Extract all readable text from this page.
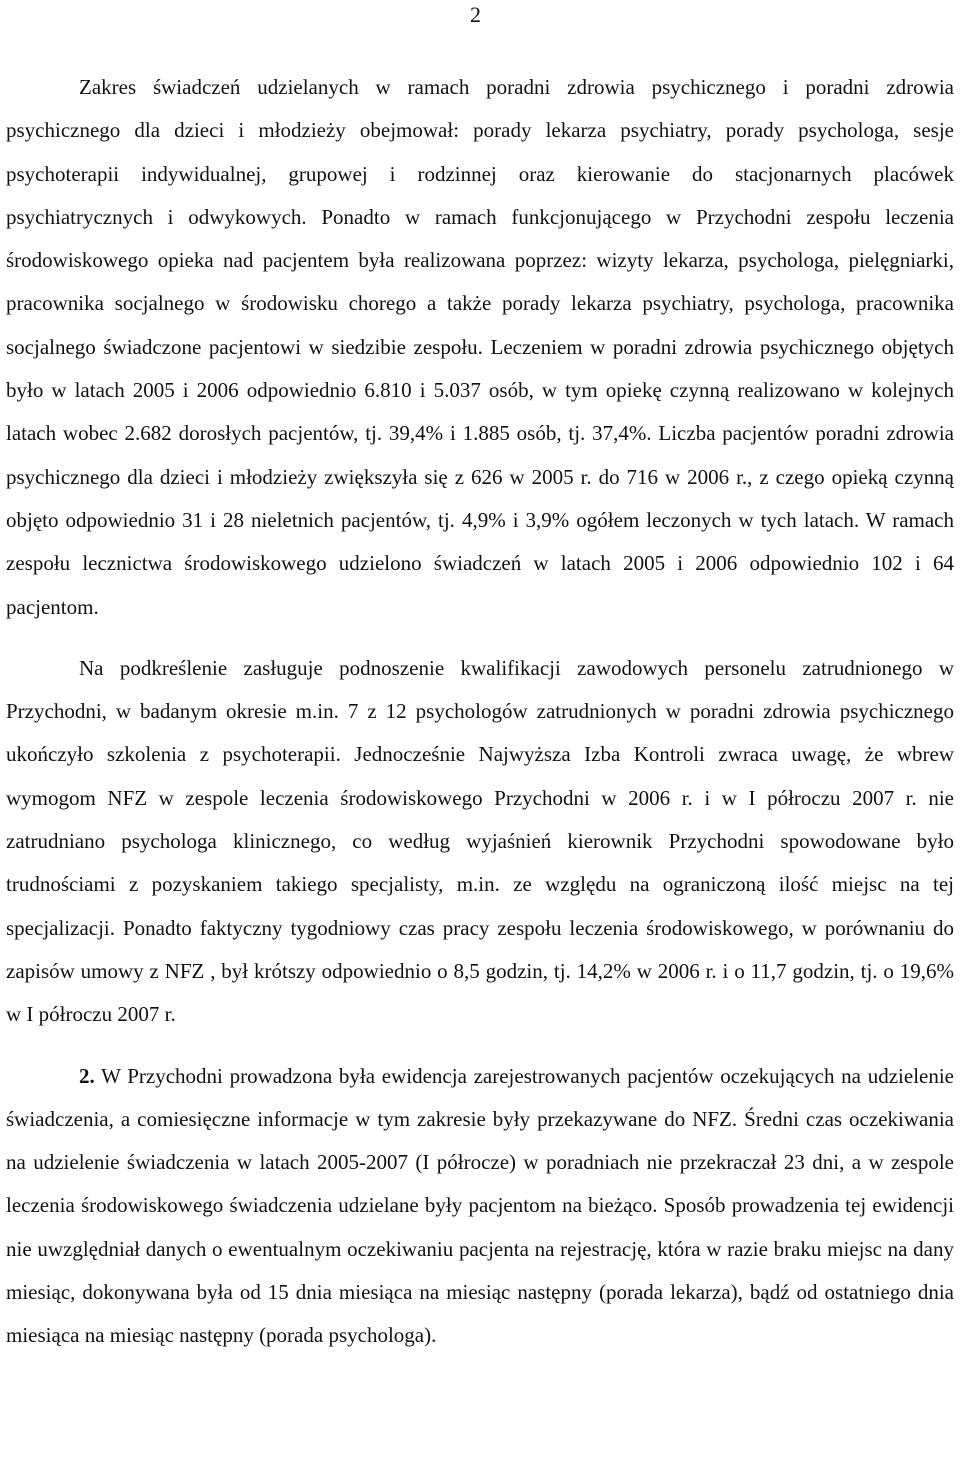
2

Zakres świadczeń udzielanych w ramach poradni zdrowia psychicznego i poradni zdrowia psychicznego dla dzieci i młodzieży obejmował: porady lekarza psychiatry, porady psychologa, sesje psychoterapii indywidualnej, grupowej i rodzinnej oraz kierowanie do stacjonarnych placówek psychiatrycznych i odwykowych. Ponadto w ramach funkcjonującego w Przychodni zespołu leczenia środowiskowego opieka nad pacjentem była realizowana poprzez: wizyty lekarza, psychologa, pielęgniarki, pracownika socjalnego w środowisku chorego a także porady lekarza psychiatry, psychologa, pracownika socjalnego świadczone pacjentowi w siedzibie zespołu. Leczeniem w poradni zdrowia psychicznego objętych było w latach 2005 i 2006 odpowiednio 6.810 i 5.037 osób, w tym opiekę czynną realizowano w kolejnych latach wobec 2.682 dorosłych pacjentów, tj. 39,4% i 1.885 osób, tj. 37,4%. Liczba pacjentów poradni zdrowia psychicznego dla dzieci i młodzieży zwiększyła się z 626 w 2005 r. do 716 w 2006 r., z czego opieką czynną objęto odpowiednio 31 i 28 nieletnich pacjentów, tj. 4,9% i 3,9% ogółem leczonych w tych latach. W ramach zespołu lecznictwa środowiskowego udzielono świadczeń w latach 2005 i 2006 odpowiednio 102 i 64 pacjentom.

Na podkreślenie zasługuje podnoszenie kwalifikacji zawodowych personelu zatrudnionego w Przychodni, w badanym okresie m.in. 7 z 12 psychologów zatrudnionych w poradni zdrowia psychicznego ukończyło szkolenia z psychoterapii. Jednocześnie Najwyższa Izba Kontroli zwraca uwagę, że wbrew wymogom NFZ w zespole leczenia środowiskowego Przychodni w 2006 r. i w I półroczu 2007 r. nie zatrudniano psychologa klinicznego, co według wyjaśnień kierownik Przychodni spowodowane było trudnościami z pozyskaniem takiego specjalisty, m.in. ze względu na ograniczoną ilość miejsc na tej specjalizacji. Ponadto faktyczny tygodniowy czas pracy zespołu leczenia środowiskowego, w porównaniu do zapisów umowy z NFZ , był krótszy odpowiednio o 8,5 godzin, tj. 14,2% w 2006 r. i o 11,7 godzin, tj. o 19,6% w I półroczu 2007 r.

2. W Przychodni prowadzona była ewidencja zarejestrowanych pacjentów oczekujących na udzielenie świadczenia, a comiesięczne informacje w tym zakresie były przekazywane do NFZ. Średni czas oczekiwania na udzielenie świadczenia w latach 2005-2007 (I półrocze) w poradniach nie przekraczał 23 dni, a w zespole leczenia środowiskowego świadczenia udzielane były pacjentom na bieżąco. Sposób prowadzenia tej ewidencji nie uwzględniał danych o ewentualnym oczekiwaniu pacjenta na rejestrację, która w razie braku miejsc na dany miesiąc, dokonywana była od 15 dnia miesiąca na miesiąc następny (porada lekarza), bądź od ostatniego dnia miesiąca na miesiąc następny (porada psychologa).
